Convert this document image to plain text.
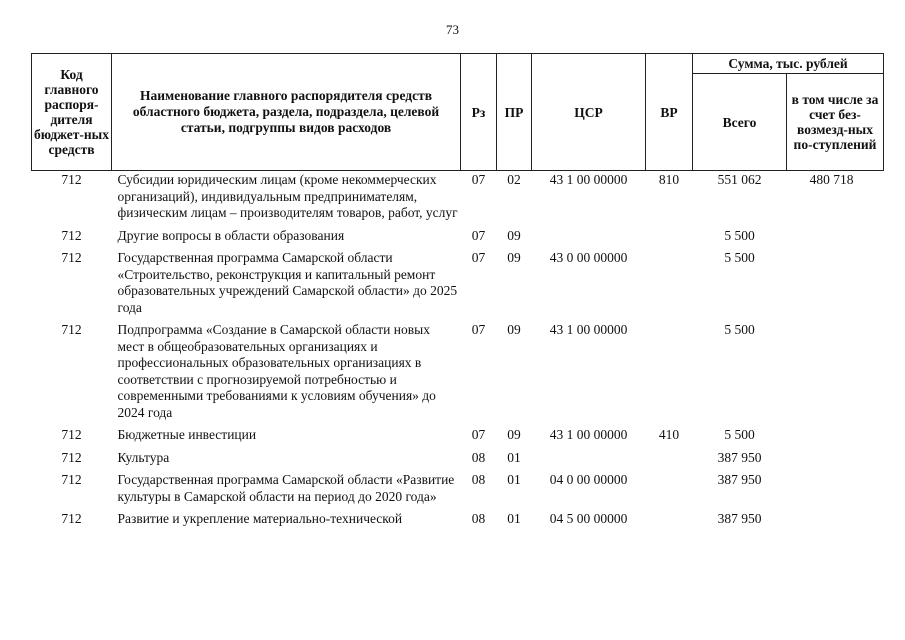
73
Код главного распоря-дителя бюджет-ных средств	Наименование главного распорядителя средств областного бюджета, раздела, подраздела, целевой статьи, подгруппы видов расходов	Рз	ПР	ЦСР	ВР	Сумма, тыс. рублей	
						Всего	в том числе за счет без-возмезд-ных по-ступлений
712	Субсидии юридическим лицам (кроме некоммерческих организаций), индивидуальным предпринимателям, физическим лицам – производителям товаров, работ, услуг	07	02	43 1 00 00000	810	551 062	480 718
712	Другие вопросы в области образования	07	09			5 500	
712	Государственная программа Самарской области «Строительство, реконструкция и капитальный ремонт образовательных учреждений Самарской области» до 2025 года	07	09	43 0 00 00000		5 500	
712	Подпрограмма «Создание в Самарской области новых мест в общеобразовательных организациях и профессиональных образовательных организациях в соответствии с прогнозируемой потребностью и современными требованиями к условиям обучения» до 2024 года	07	09	43 1 00 00000		5 500	
712	Бюджетные инвестиции	07	09	43 1 00 00000	410	5 500	
712	Культура	08	01			387 950	
712	Государственная программа Самарской области «Развитие культуры в Самарской области на период до 2020 года»	08	01	04 0 00 00000		387 950	
712	Развитие и укрепление материально-технической	08	01	04 5 00 00000		387 950	
